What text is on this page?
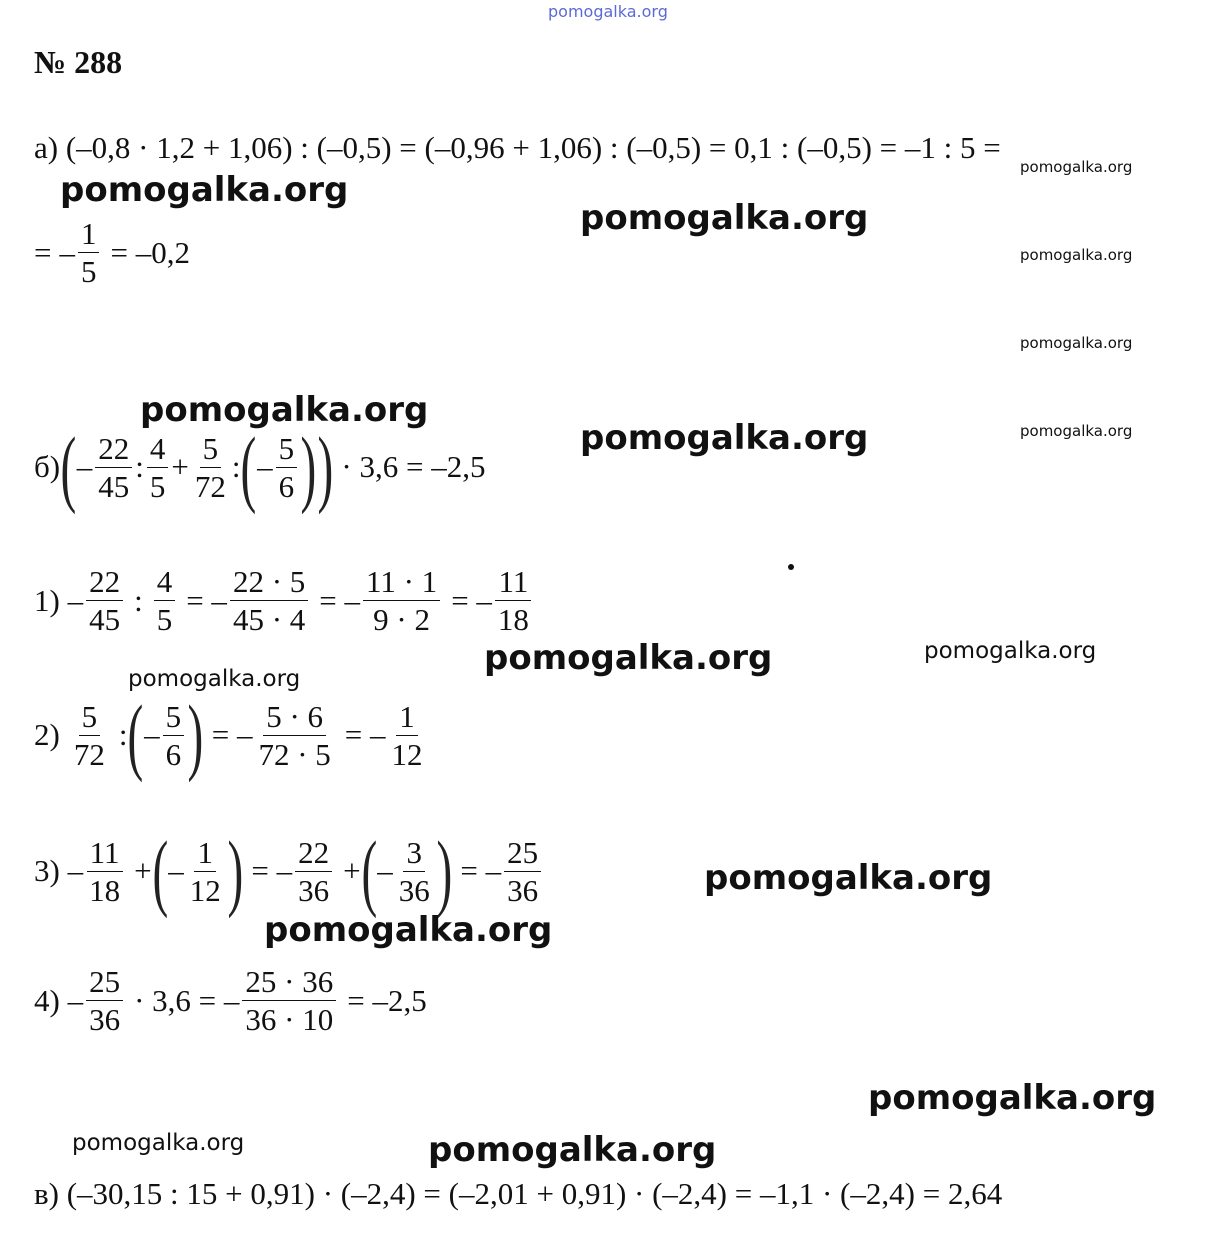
pomogalka.org
№ 288
а) (–0,8 · 1,2 + 1,06) : (–0,5) = (–0,96 + 1,06) : (–0,5) = 0,1 : (–0,5) = –1 : 5 =
= – $\frac{1}{5} = -0,2$
б) ( – $\frac{22}{45}$ : $\frac{4}{5} + \frac{5}{72}$ : ( – $\frac{5}{6}$ ) ) · 3,6 = –2,5
$1) - \frac{22}{45}$ : $\frac{4}{5}$ = – $\frac{22 \cdot 5}{45 \cdot 4}$ = – $\frac{11 \cdot 1}{9 \cdot 2}$ = – $\frac{11}{18}$
$2) \frac{5}{72}$ : ( – $\frac{5}{6}$ ) = – $\frac{5 \cdot 6}{72 \cdot 5}$ = – $\frac{1}{12}$
$3) - \frac{11}{18}$ + ( – $\frac{1}{12}$ ) = – $\frac{22}{36}$ + ( – $\frac{3}{36}$ ) = – $\frac{25}{36}$
$4) - \frac{25}{36} \cdot 3,6$ = – $\frac{25 \cdot 36}{36 \cdot 10} = -2,5$
в) (–30,15 : 15 + 0,91) · (–2,4) = (–2,01 + 0,91) · (–2,4) = –1,1 · (–2,4) = 2,64
pomogalka.org
pomogalka.org
pomogalka.org
pomogalka.org
pomogalka.org
pomogalka.org
pomogalka.org
pomogalka.org
pomogalka.org	pomogalka.org
pomogalka.org
pomogalka.org
pomogalka.org
pomogalka.org
pomogalka.org	pomogalka.org
